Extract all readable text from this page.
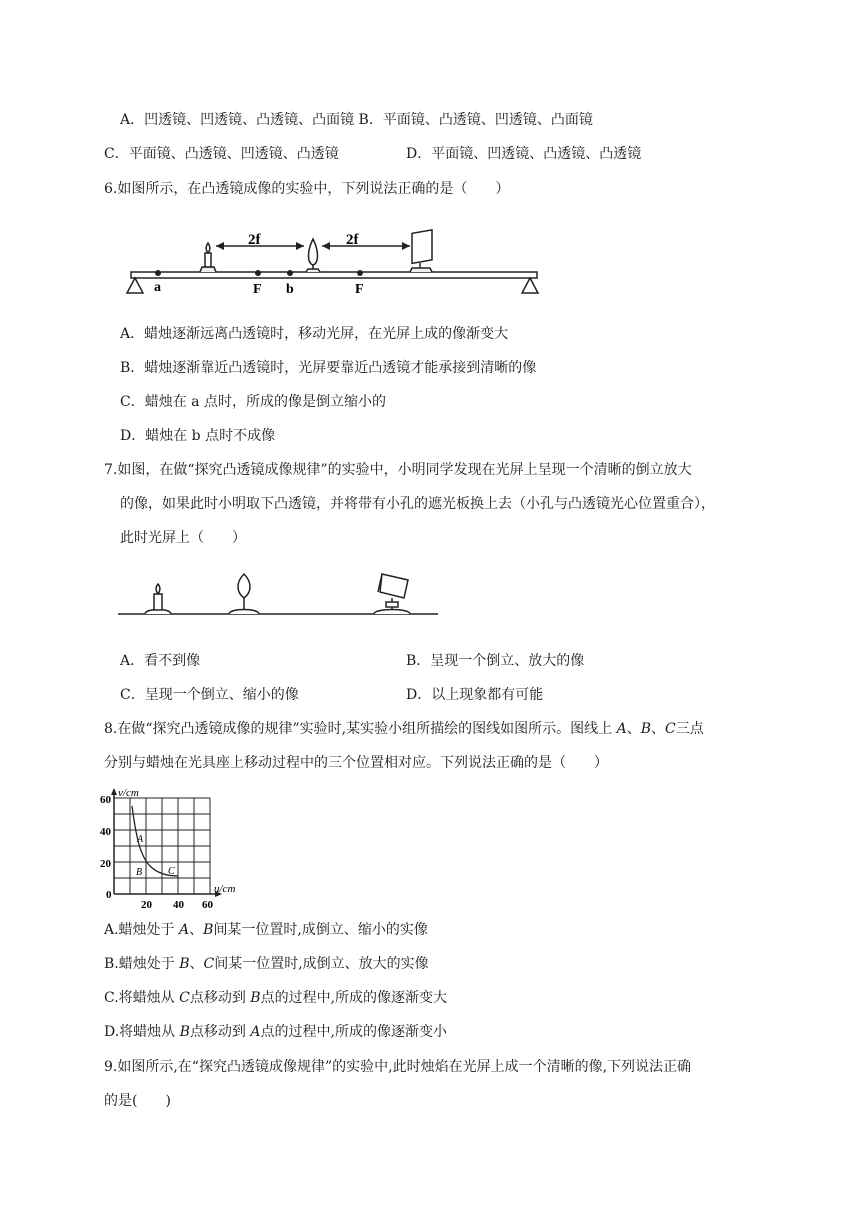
A．凹透镜、凹透镜、凸透镜、凸面镜 B．平面镜、凸透镜、凹透镜、凸面镜
C．平面镜、凸透镜、凹透镜、凸透镜	D．平面镜、凹透镜、凸透镜、凸透镜
6.如图所示，在凸透镜成像的实验中，下列说法正确的是（　　）
2f	2f
a	F b	F
A．蜡烛逐渐远离凸透镜时，移动光屏，在光屏上成的像渐变大
B．蜡烛逐渐靠近凸透镜时，光屏要靠近凸透镜才能承接到清晰的像
C．蜡烛在 a 点时，所成的像是倒立缩小的
D．蜡烛在 b 点时不成像
7.如图，在做“探究凸透镜成像规律”的实验中，小明同学发现在光屏上呈现一个清晰的倒立放大
的像，如果此时小明取下凸透镜，并将带有小孔的遮光板换上去（小孔与凸透镜光心位置重合），
此时光屏上（　　）
A．看不到像	B．呈现一个倒立、放大的像
C．呈现一个倒立、缩小的像	D．以上现象都有可能
8.在做“探究凸透镜成像的规律”实验时,某实验小组所描绘的图线如图所示。图线上 A、B、C三点
分别与蜡烛在光具座上移动过程中的三个位置相对应。下列说法正确的是（　　）
v/cm
u/cm
60
40
20
0
20 40 60
A
B	C
A.蜡烛处于 A、B间某一位置时,成倒立、缩小的实像
B.蜡烛处于 B、C间某一位置时,成倒立、放大的实像
C.将蜡烛从 C点移动到 B点的过程中,所成的像逐渐变大
D.将蜡烛从 B点移动到 A点的过程中,所成的像逐渐变小
9.如图所示,在“探究凸透镜成像规律”的实验中,此时烛焰在光屏上成一个清晰的像,下列说法正确
的是(　　)
